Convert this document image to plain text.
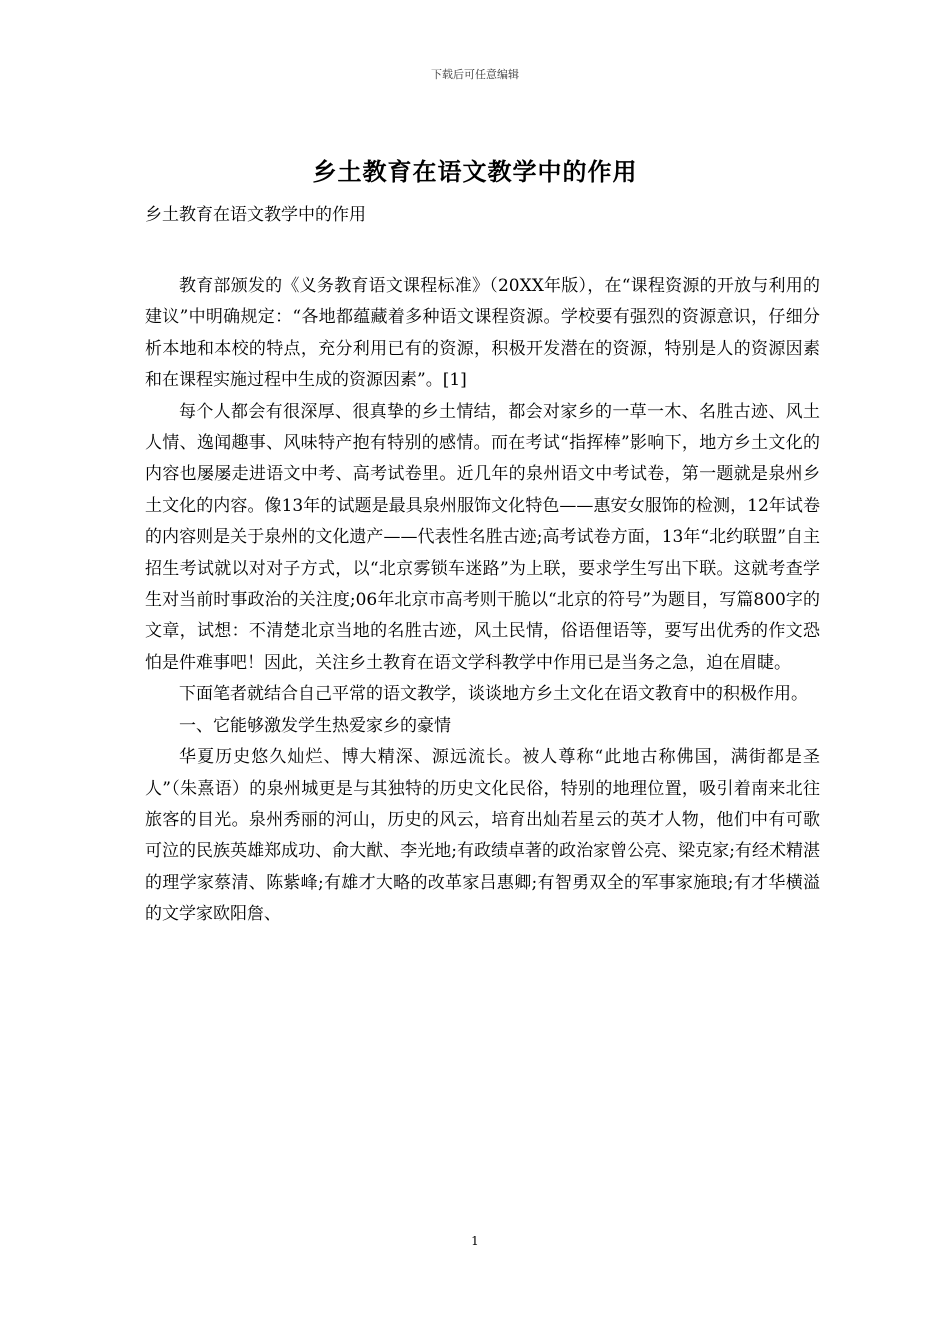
下载后可任意编辑
乡土教育在语文教学中的作用

乡土教育在语文教学中的作用

教育部颁发的《义务教育语文课程标准》（20XX年版），在“课程资源的开放与利用的建议”中明确规定：“各地都蕴藏着多种语文课程资源。学校要有强烈的资源意识，仔细分析本地和本校的特点，充分利用已有的资源，积极开发潜在的资源，特别是人的资源因素和在课程实施过程中生成的资源因素”。[1]

每个人都会有很深厚、很真挚的乡土情结，都会对家乡的一草一木、名胜古迹、风土人情、逸闻趣事、风味特产抱有特别的感情。而在考试“指挥棒”影响下，地方乡土文化的内容也屡屡走进语文中考、高考试卷里。近几年的泉州语文中考试卷，第一题就是泉州乡土文化的内容。像13年的试题是最具泉州服饰文化特色——惠安女服饰的检测，12年试卷的内容则是关于泉州的文化遗产——代表性名胜古迹;高考试卷方面，13年“北约联盟”自主招生考试就以对对子方式，以“北京雾锁车迷路”为上联，要求学生写出下联。这就考查学生对当前时事政治的关注度;06年北京市高考则干脆以“北京的符号”为题目，写篇800字的文章，试想：不清楚北京当地的名胜古迹，风土民情，俗语俚语等，要写出优秀的作文恐怕是件难事吧！因此，关注乡土教育在语文学科教学中作用已是当务之急，迫在眉睫。

下面笔者就结合自己平常的语文教学，谈谈地方乡土文化在语文教育中的积极作用。

一、它能够激发学生热爱家乡的豪情

华夏历史悠久灿烂、博大精深、源远流长。被人尊称“此地古称佛国，满街都是圣人”（朱熹语）的泉州城更是与其独特的历史文化民俗，特别的地理位置，吸引着南来北往旅客的目光。泉州秀丽的河山，历史的风云，培育出灿若星云的英才人物，他们中有可歌可泣的民族英雄郑成功、俞大猷、李光地;有政绩卓著的政治家曾公亮、梁克家;有经术精湛的理学家蔡清、陈紫峰;有雄才大略的改革家吕惠卿;有智勇双全的军事家施琅;有才华横溢的文学家欧阳詹、

1
